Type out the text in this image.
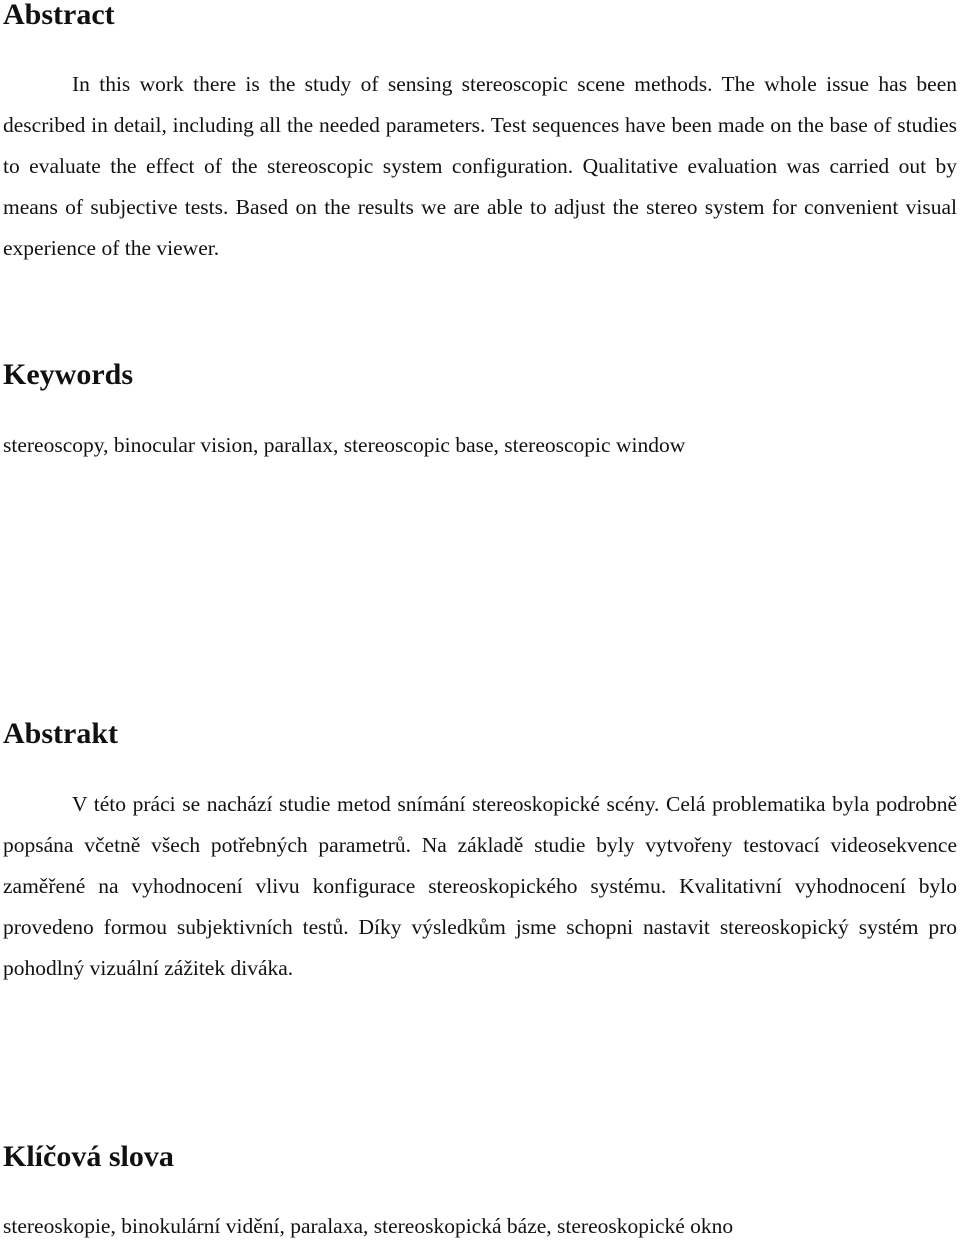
Abstract

In this work there is the study of sensing stereoscopic scene methods. The whole issue has been described in detail, including all the needed parameters. Test sequences have been made on the base of studies to evaluate the effect of the stereoscopic system configuration. Qualitative evaluation was carried out by means of subjective tests. Based on the results we are able to adjust the stereo system for convenient visual experience of the viewer.

Keywords

stereoscopy, binocular vision, parallax, stereoscopic base, stereoscopic window

Abstrakt

V této práci se nachází studie metod snímání stereoskopické scény. Celá problematika byla podrobně popsána včetně všech potřebných parametrů. Na základě studie byly vytvořeny testovací videosekvence zaměřené na vyhodnocení vlivu konfigurace stereoskopického systému. Kvalitativní vyhodnocení bylo provedeno formou subjektivních testů. Díky výsledkům jsme schopni nastavit stereoskopický systém pro pohodlný vizuální zážitek diváka.

Klíčová slova

stereoskopie, binokulární vidění, paralaxa, stereoskopická báze, stereoskopické okno
